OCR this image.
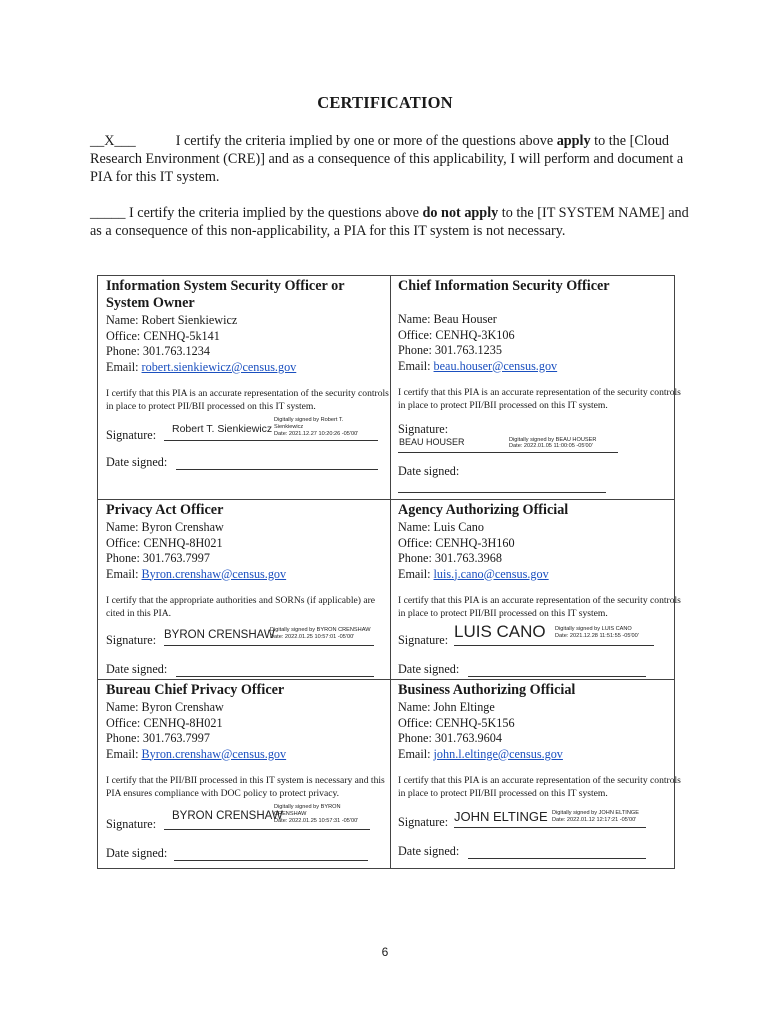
CERTIFICATION
__X___	I certify the criteria implied by one or more of the questions above apply to the [Cloud Research Environment (CRE)] and as a consequence of this applicability, I will perform and document a PIA for this IT system.
_____ I certify the criteria implied by the questions above do not apply to the [IT SYSTEM NAME] and as a consequence of this non-applicability, a PIA for this IT system is not necessary.
Information System Security Officer or System Owner
Name: Robert Sienkiewicz
Office: CENHQ-5k141
Phone: 301.763.1234
Email: robert.sienkiewicz@census.gov
I certify that this PIA is an accurate representation of the security controls in place to protect PII/BII processed on this IT system.
Signature: Robert T. Sienkiewicz
Digitally signed by Robert T.
Sienkiewicz
Date: 2021.12.27 10:20:26 -05'00'
Date signed:
Chief Information Security Officer
Name: Beau Houser
Office: CENHQ-3K106
Phone: 301.763.1235
Email: beau.houser@census.gov
I certify that this PIA is an accurate representation of the security controls in place to protect PII/BII processed on this IT system.
Signature:
BEAU HOUSER	Digitally signed by BEAU HOUSER
Date: 2022.01.05 11:00:05 -05'00'
Date signed:
Privacy Act Officer
Name: Byron Crenshaw
Office: CENHQ-8H021
Phone: 301.763.7997
Email: Byron.crenshaw@census.gov
I certify that the appropriate authorities and SORNs (if applicable) are cited in this PIA.
Signature: BYRON CRENSHAW
Digitally signed by BYRON CRENSHAW
Date: 2022.01.25 10:57:01 -05'00'
Date signed:
Agency Authorizing Official
Name: Luis Cano
Office: CENHQ-3H160
Phone: 301.763.3968
Email: luis.j.cano@census.gov
I certify that this PIA is an accurate representation of the security controls in place to protect PII/BII processed on this IT system.
Signature: LUIS CANO Digitally signed by LUIS CANO
Date: 2021.12.28 11:51:55 -05'00'
Date signed:
Bureau Chief Privacy Officer
Name: Byron Crenshaw
Office: CENHQ-8H021
Phone: 301.763.7997
Email: Byron.crenshaw@census.gov
I certify that the PII/BII processed in this IT system is necessary and this PIA ensures compliance with DOC policy to protect privacy.
Signature:
BYRON CRENSHAW
Digitally signed by BYRON
CRENSHAW
Date: 2022.01.25 10:57:31 -05'00'
Date signed:
Business Authorizing Official
Name: John Eltinge
Office: CENHQ-5K156
Phone: 301.763.9604
Email: john.l.eltinge@census.gov
I certify that this PIA is an accurate representation of the security controls in place to protect PII/BII processed on this IT system.
Signature: JOHN ELTINGE Digitally signed by JOHN ELTINGE
Date: 2022.01.12 12:17:21 -05'00'
Date signed:
6
